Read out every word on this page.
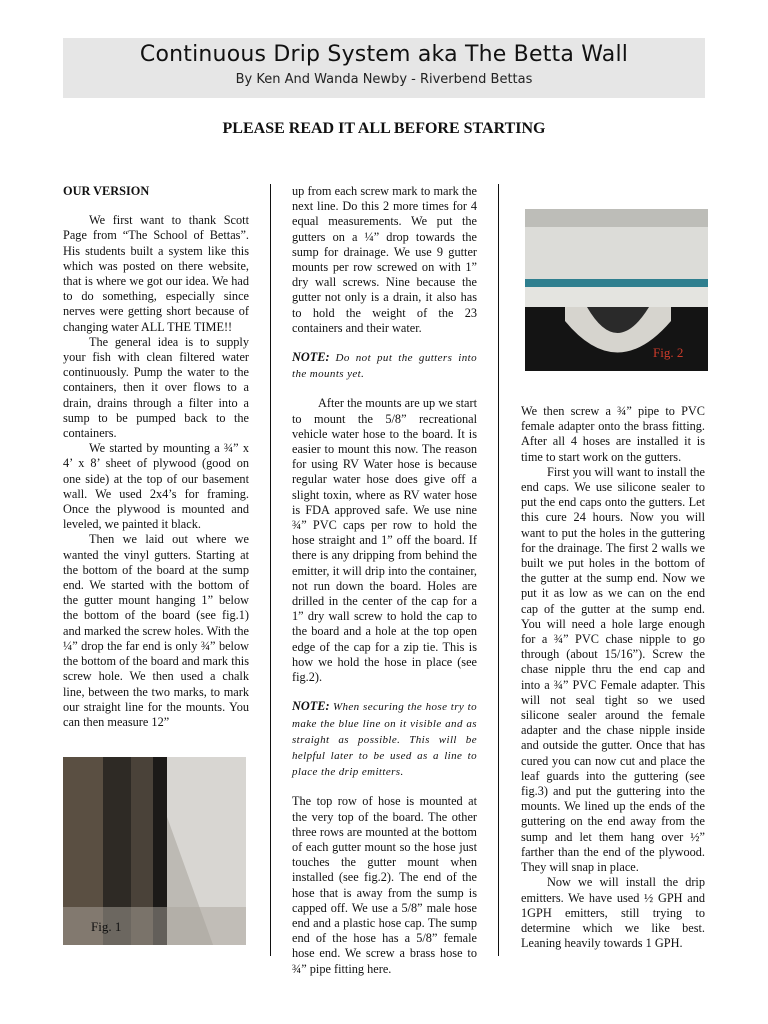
Continuous Drip System aka The Betta Wall
By Ken And Wanda Newby - Riverbend Bettas
PLEASE READ IT ALL BEFORE STARTING

OUR VERSION

We first want to thank Scott Page from “The School of Bettas”. His students built a system like this which was posted on there website, that is where we got our idea. We had to do something, especially since nerves were getting short because of changing water ALL THE TIME!!

The general idea is to supply your fish with clean filtered water continuously. Pump the water to the containers, then it over flows to a drain, drains through a filter into a sump to be pumped back to the containers.

We started by mounting a ¾” x 4’ x 8’ sheet of plywood (good on one side) at the top of our basement wall. We used 2x4’s for framing. Once the plywood is mounted and leveled, we painted it black.

Then we laid out where we wanted the vinyl gutters. Starting at the bottom of the board at the sump end. We started with the bottom of the gutter mount hanging 1” below the bottom of the board (see fig.1) and marked the screw holes. With the ¼” drop the far end is only ¾” below the bottom of the board and mark this screw hole. We then used a chalk line, between the two marks, to mark our straight line for the mounts. You can then measure 12”

Fig. 1

up from each screw mark to mark the next line. Do this 2 more times for 4 equal measurements. We put the gutters on a ¼” drop towards the sump for drainage. We use 9 gutter mounts per row screwed on with 1” dry wall screws. Nine because the gutter not only is a drain, it also has to hold the weight of the 23 containers and their water.

NOTE: Do not put the gutters into the mounts yet.

After the mounts are up we start to mount the 5/8” recreational vehicle water hose to the board. It is easier to mount this now. The reason for using RV Water hose is because regular water hose does give off a slight toxin, where as RV water hose is FDA approved safe. We use nine ¾” PVC caps per row to hold the hose straight and 1” off the board. If there is any dripping from behind the emitter, it will drip into the container, not run down the board. Holes are drilled in the center of the cap for a 1” dry wall screw to hold the cap to the board and a hole at the top open edge of the cap for a zip tie. This is how we hold the hose in place (see fig.2).

NOTE: When securing the hose try to make the blue line on it visible and as straight as possible. This will be helpful later to be used as a line to place the drip emitters.

The top row of hose is mounted at the very top of the board. The other three rows are mounted at the bottom of each gutter mount so the hose just touches the gutter mount when installed (see fig.2). The end of the hose that is away from the sump is capped off. We use a 5/8” male hose end and a plastic hose cap. The sump end of the hose has a 5/8” female hose end. We screw a brass hose to ¾” pipe fitting here.

Fig. 2

We then screw a ¾” pipe to PVC female adapter onto the brass fitting. After all 4 hoses are installed it is time to start work on the gutters.

First you will want to install the end caps. We use silicone sealer to put the end caps onto the gutters. Let this cure 24 hours. Now you will want to put the holes in the guttering for the drainage. The first 2 walls we built we put holes in the bottom of the gutter at the sump end. Now we put it as low as we can on the end cap of the gutter at the sump end. You will need a hole large enough for a ¾” PVC chase nipple to go through (about 15/16”). Screw the chase nipple thru the end cap and into a ¾” PVC Female adapter. This will not seal tight so we used silicone sealer around the female adapter and the chase nipple inside and outside the gutter. Once that has cured you can now cut and place the leaf guards into the guttering (see fig.3) and put the guttering into the mounts. We lined up the ends of the guttering on the end away from the sump and let them hang over ½” farther than the end of the plywood. They will snap in place.

Now we will install the drip emitters. We have used ½ GPH and 1GPH emitters, still trying to determine which we like best. Leaning heavily towards 1 GPH.
